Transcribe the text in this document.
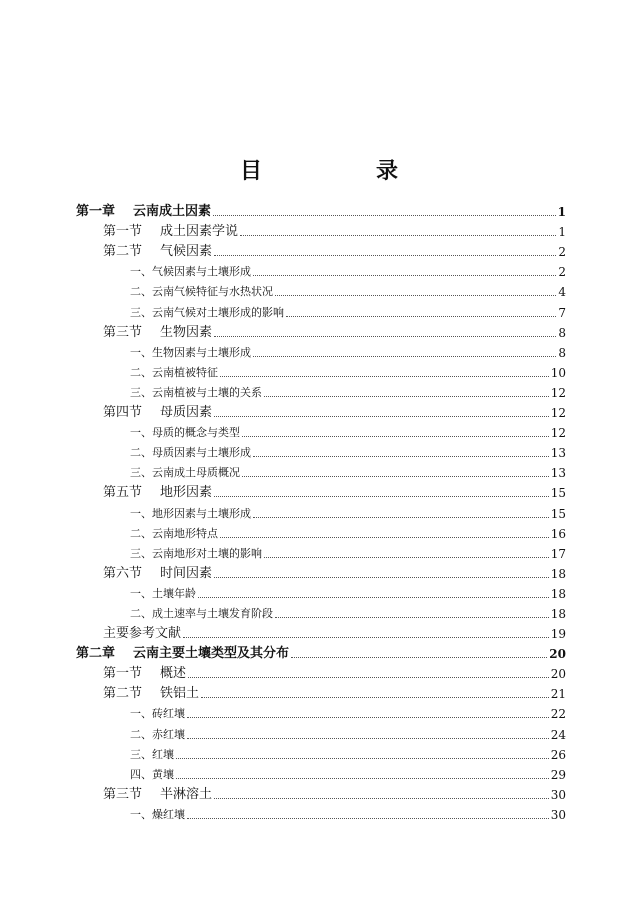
目　录
第一章 云南成土因素	1
第一节 成土因素学说	1
第二节 气候因素	2
一、气候因素与土壤形成	2
二、云南气候特征与水热状况	4
三、云南气候对土壤形成的影响	7
第三节 生物因素	8
一、生物因素与土壤形成	8
二、云南植被特征	10
三、云南植被与土壤的关系	12
第四节 母质因素	12
一、母质的概念与类型	12
二、母质因素与土壤形成	13
三、云南成土母质概况	13
第五节 地形因素	15
一、地形因素与土壤形成	15
二、云南地形特点	16
三、云南地形对土壤的影响	17
第六节 时间因素	18
一、土壤年龄	18
二、成土速率与土壤发育阶段	18
主要参考文献	19
第二章 云南主要土壤类型及其分布	20
第一节 概述	20
第二节 铁铝土	21
一、砖红壤	22
二、赤红壤	24
三、红壤	26
四、黄壤	29
第三节 半淋溶土	30
一、燥红壤	30
